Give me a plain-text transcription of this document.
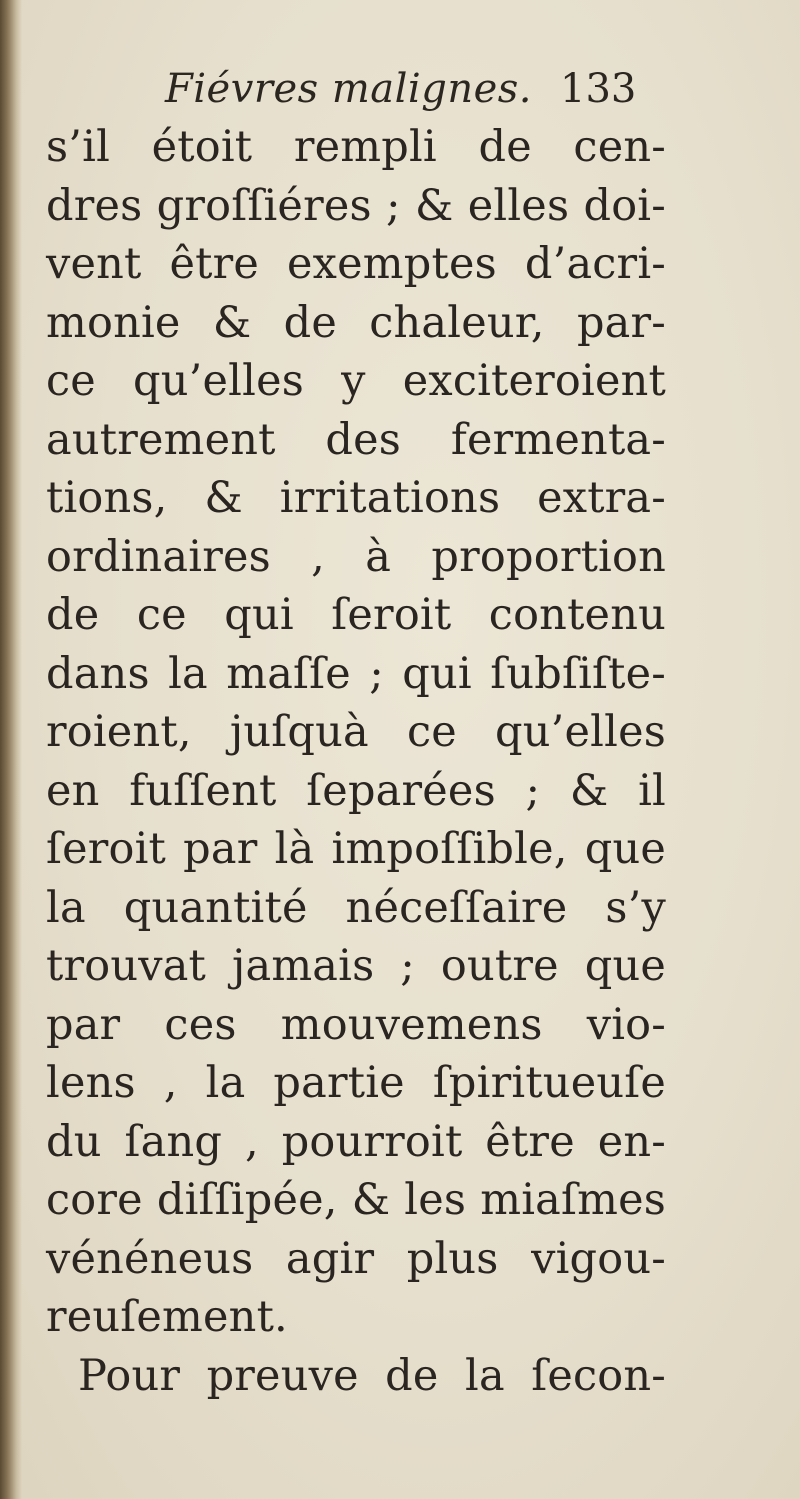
Fiévres malignes. 133
s’il étoit rempli de cen-
dres groſſiéres ; & elles doi-
vent être exemptes d’acri-
monie & de chaleur, par-
ce qu’elles y exciteroient
autrement des fermenta-
tions, & irritations extra-
ordinaires , à proportion
de ce qui ſeroit contenu
dans la maſſe ; qui ſubſiſte-
roient, juſquà ce qu’elles
en fuſſent ſeparées ; & il
ſeroit par là impoſſible, que
la quantité néceſſaire s’y
trouvat jamais ; outre que
par ces mouvemens vio-
lens , la partie ſpiritueuſe
du ſang , pourroit être en-
core diſſipée, & les miaſmes
vénéneus agir plus vigou-
reuſement.
Pour preuve de la ſecon-
